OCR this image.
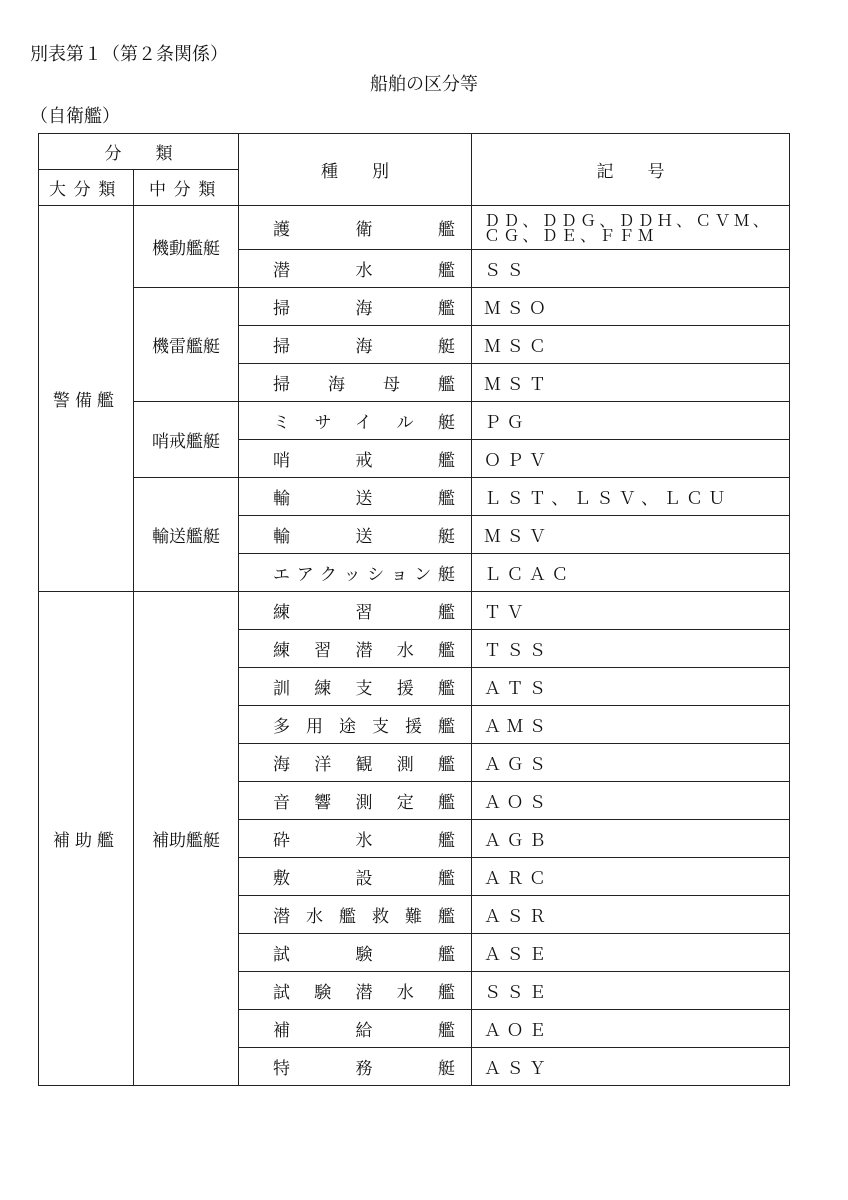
別表第１（第２条関係）
船舶の区分等
（自衛艦）
分　　類		種　　別	記　　号
大分類	中分類		
警備艦	機動艦艇	護衛艦	ＤＤ、ＤＤＧ、ＤＤＨ、ＣＶＭ、ＣＧ、ＤＥ、ＦＦＭ
		潜水艦	ＳＳ
	機雷艦艇	掃海艦	ＭＳＯ
		掃海艇	ＭＳＣ
		掃海母艦	ＭＳＴ
	哨戒艦艇	ミサイル艇	ＰＧ
		哨戒艦	ＯＰＶ
	輸送艦艇	輸送艦	ＬＳＴ、ＬＳＶ、ＬＣＵ
		輸送艇	ＭＳＶ
		エアクッション艇	ＬＣＡＣ
補助艦	補助艦艇	練習艦	ＴＶ
		練習潜水艦	ＴＳＳ
		訓練支援艦	ＡＴＳ
		多用途支援艦	ＡＭＳ
		海洋観測艦	ＡＧＳ
		音響測定艦	ＡＯＳ
		砕氷艦	ＡＧＢ
		敷設艦	ＡＲＣ
		潜水艦救難艦	ＡＳＲ
		試験艦	ＡＳＥ
		試験潜水艦	ＳＳＥ
		補給艦	ＡＯＥ
		特務艇	ＡＳＹ
